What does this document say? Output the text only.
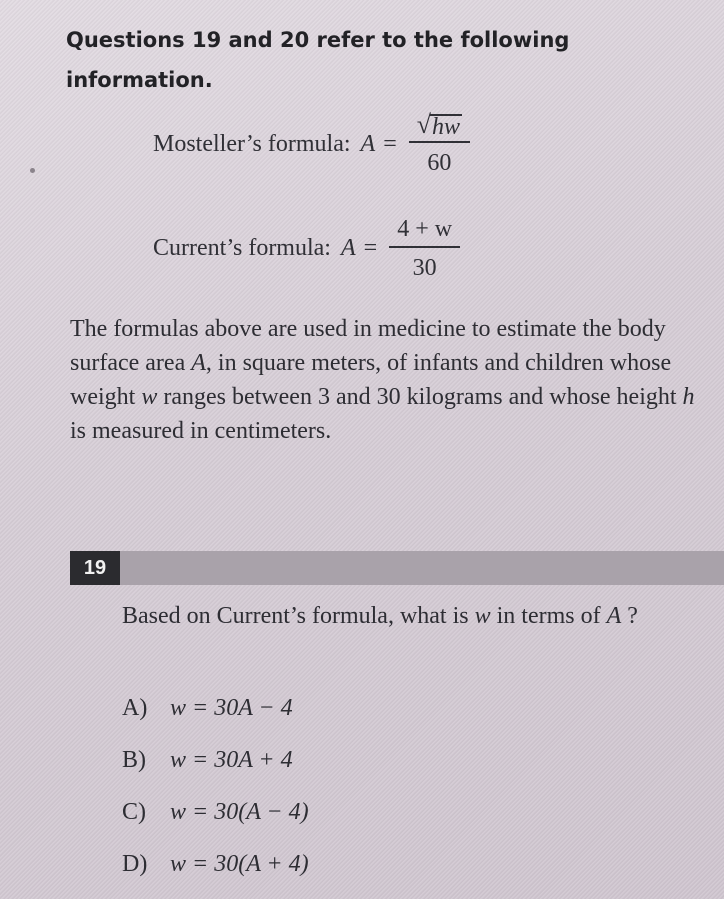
Questions 19 and 20 refer to the following information.
Mosteller’s formula: $A = \frac{√ hw}{60}$
Current’s formula: $A = \frac{4 + w}{30}$
The formulas above are used in medicine to estimate the body surface area A, in square meters, of infants and children whose weight w ranges between 3 and 30 kilograms and whose height h is measured in centimeters.
19
Based on Current’s formula, what is w in terms of A ?
A) w = 30A − 4
B)	w = 30A + 4
C)	w = 30(A − 4)
D) w = 30(A + 4)
